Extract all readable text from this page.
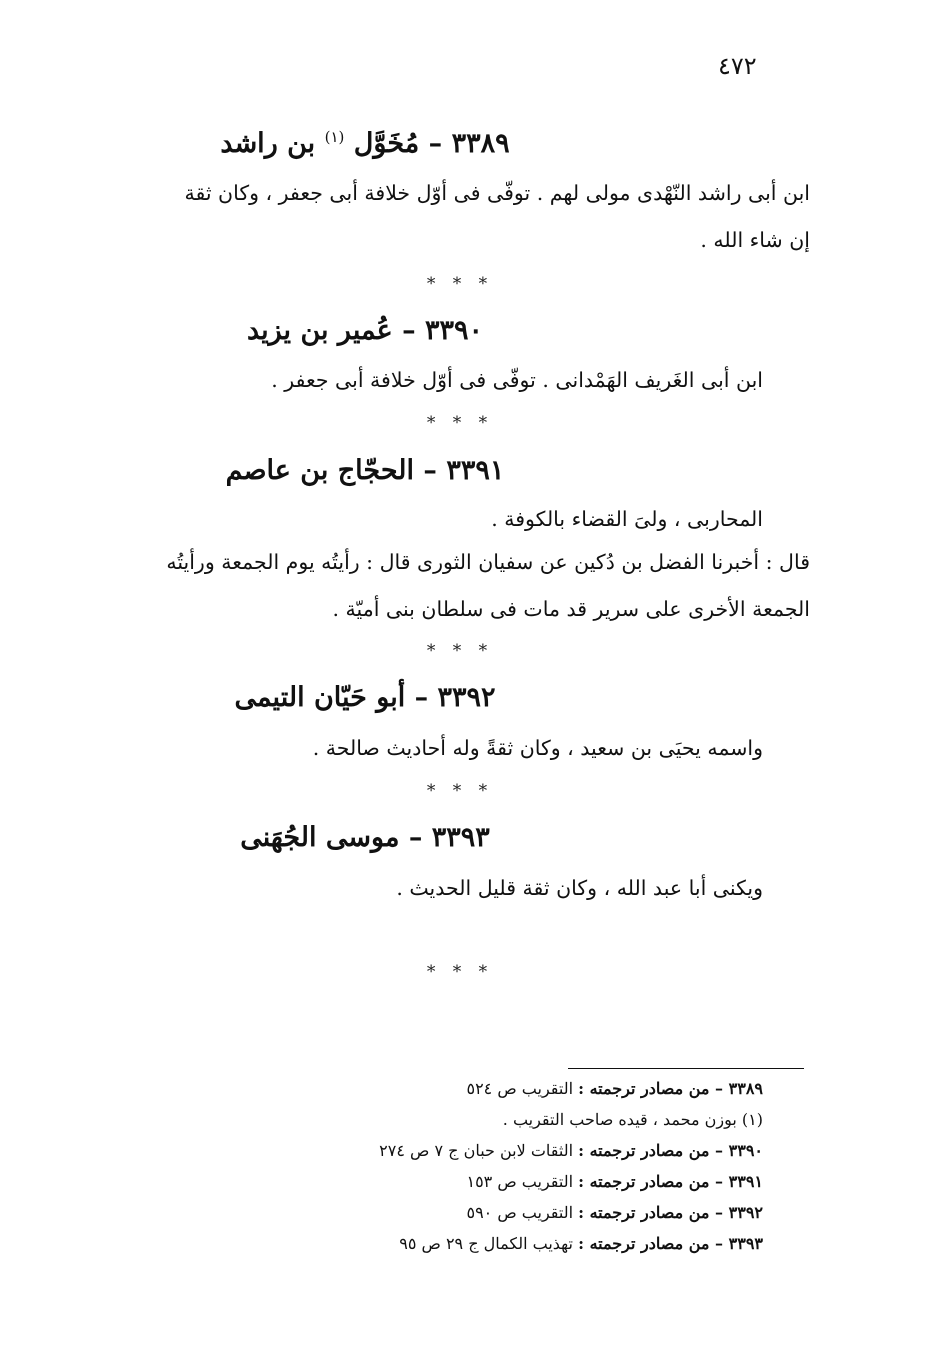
٤٧٢
٣٣٨٩ – مُخَوَّل $^{(١)}$ بن راشد
ابن أبى راشد النّهْدى مولى لهم . توفّى فى أوّل خلافة أبى جعفر ، وكان ثقة
إن شاء الله .
* * *
٣٣٩٠ – عُمير بن يزيد
ابن أبى الغَريف الهَمْدانى . توفّى فى أوّل خلافة أبى جعفر .
* * *
٣٣٩١ – الحجّاج بن عاصم
المحاربى ، ولىَ القضاء بالكوفة .
قال : أخبرنا الفضل بن دُكين عن سفيان الثورى قال : رأيتُه يوم الجمعة ورأيتُه
الجمعة الأخرى على سرير قد مات فى سلطان بنى أميّة .
* * *
٣٣٩٢ – أبو حَيّان التيمى
واسمه يحيَى بن سعيد ، وكان ثقةً وله أحاديث صالحة .
* * *
٣٣٩٣ – موسى الجُهَنى
ويكنى أبا عبد الله ، وكان ثقة قليل الحديث .
* * *
٣٣٨٩ – من مصادر ترجمته : التقريب ص ٥٢٤
(١) بوزن محمد ، قيده صاحب التقريب .
٣٣٩٠ – من مصادر ترجمته : الثقات لابن حبان ج ٧ ص ٢٧٤
٣٣٩١ – من مصادر ترجمته : التقريب ص ١٥٣
٣٣٩٢ – من مصادر ترجمته : التقريب ص ٥٩٠
٣٣٩٣ – من مصادر ترجمته : تهذيب الكمال ج ٢٩ ص ٩٥
